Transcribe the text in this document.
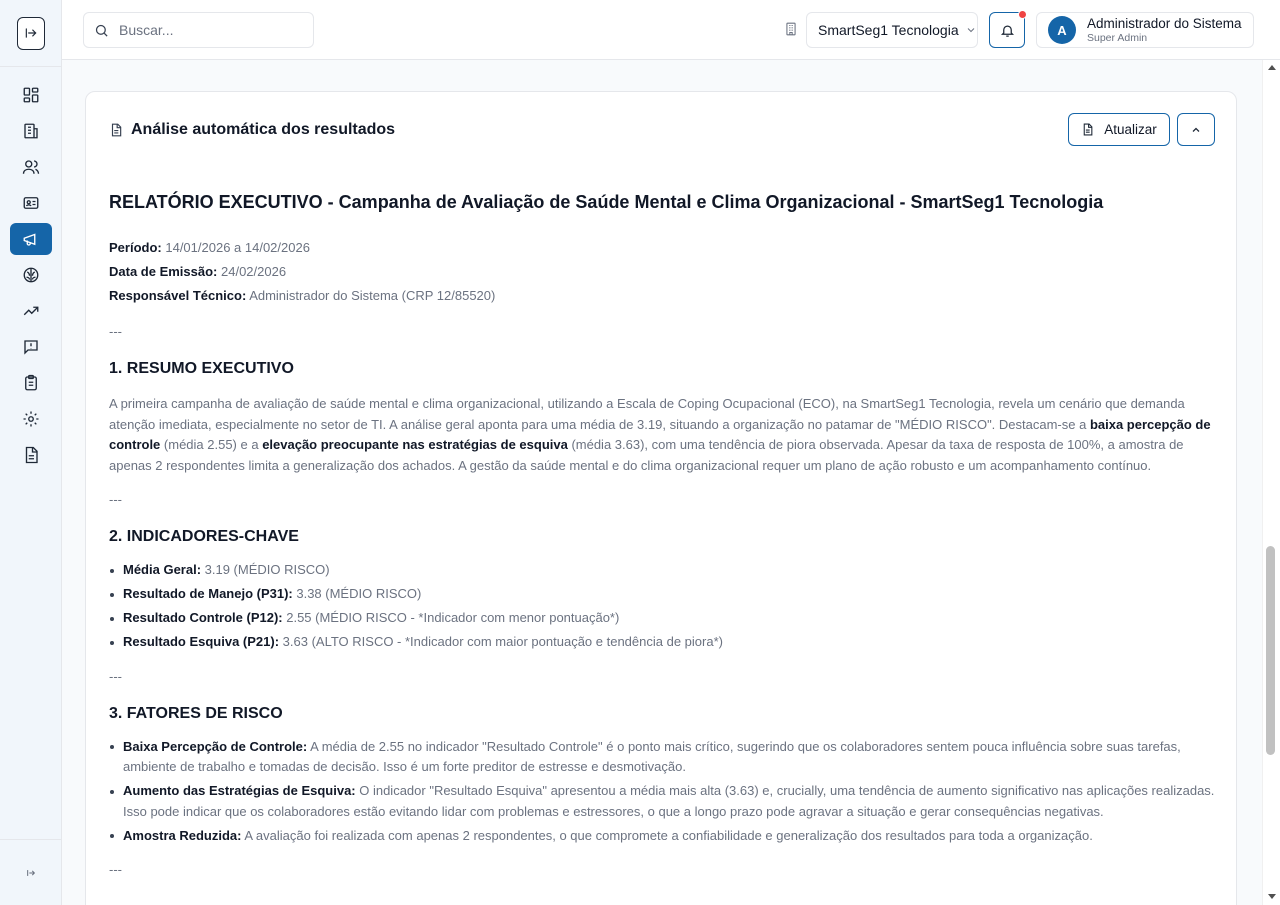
Buscar...
SmartSeg1 Tecnologia	A	Administrador do Sistema
Super Admin
Análise automática dos resultados	Atualizar
RELATÓRIO EXECUTIVO - Campanha de Avaliação de Saúde Mental e Clima Organizacional - SmartSeg1 Tecnologia
Período: 14/01/2026 a 14/02/2026
Data de Emissão: 24/02/2026
Responsável Técnico: Administrador do Sistema (CRP 12/85520)
---
1. RESUMO EXECUTIVO

A primeira campanha de avaliação de saúde mental e clima organizacional, utilizando a Escala de Coping Ocupacional (ECO), na SmartSeg1 Tecnologia, revela um cenário que demanda atenção imediata, especialmente no setor de TI. A análise geral aponta para uma média de 3.19, situando a organização no patamar de "MÉDIO RISCO". Destacam-se a baixa percepção de controle (média 2.55) e a elevação preocupante nas estratégias de esquiva (média 3.63), com uma tendência de piora observada. Apesar da taxa de resposta de 100%, a amostra de apenas 2 respondentes limita a generalização dos achados. A gestão da saúde mental e do clima organizacional requer um plano de ação robusto e um acompanhamento contínuo.

---
2. INDICADORES-CHAVE
Média Geral: 3.19 (MÉDIO RISCO)
Resultado de Manejo (P31): 3.38 (MÉDIO RISCO)
Resultado Controle (P12): 2.55 (MÉDIO RISCO - *Indicador com menor pontuação*)
Resultado Esquiva (P21): 3.63 (ALTO RISCO - *Indicador com maior pontuação e tendência de piora*)
---
3. FATORES DE RISCO
Baixa Percepção de Controle: A média de 2.55 no indicador "Resultado Controle" é o ponto mais crítico, sugerindo que os colaboradores sentem pouca influência sobre suas tarefas, ambiente de trabalho e tomadas de decisão. Isso é um forte preditor de estresse e desmotivação.
Aumento das Estratégias de Esquiva: O indicador "Resultado Esquiva" apresentou a média mais alta (3.63) e, crucially, uma tendência de aumento significativo nas aplicações realizadas. Isso pode indicar que os colaboradores estão evitando lidar com problemas e estressores, o que a longo prazo pode agravar a situação e gerar consequências negativas.
Amostra Reduzida: A avaliação foi realizada com apenas 2 respondentes, o que compromete a confiabilidade e generalização dos resultados para toda a organização.
---
